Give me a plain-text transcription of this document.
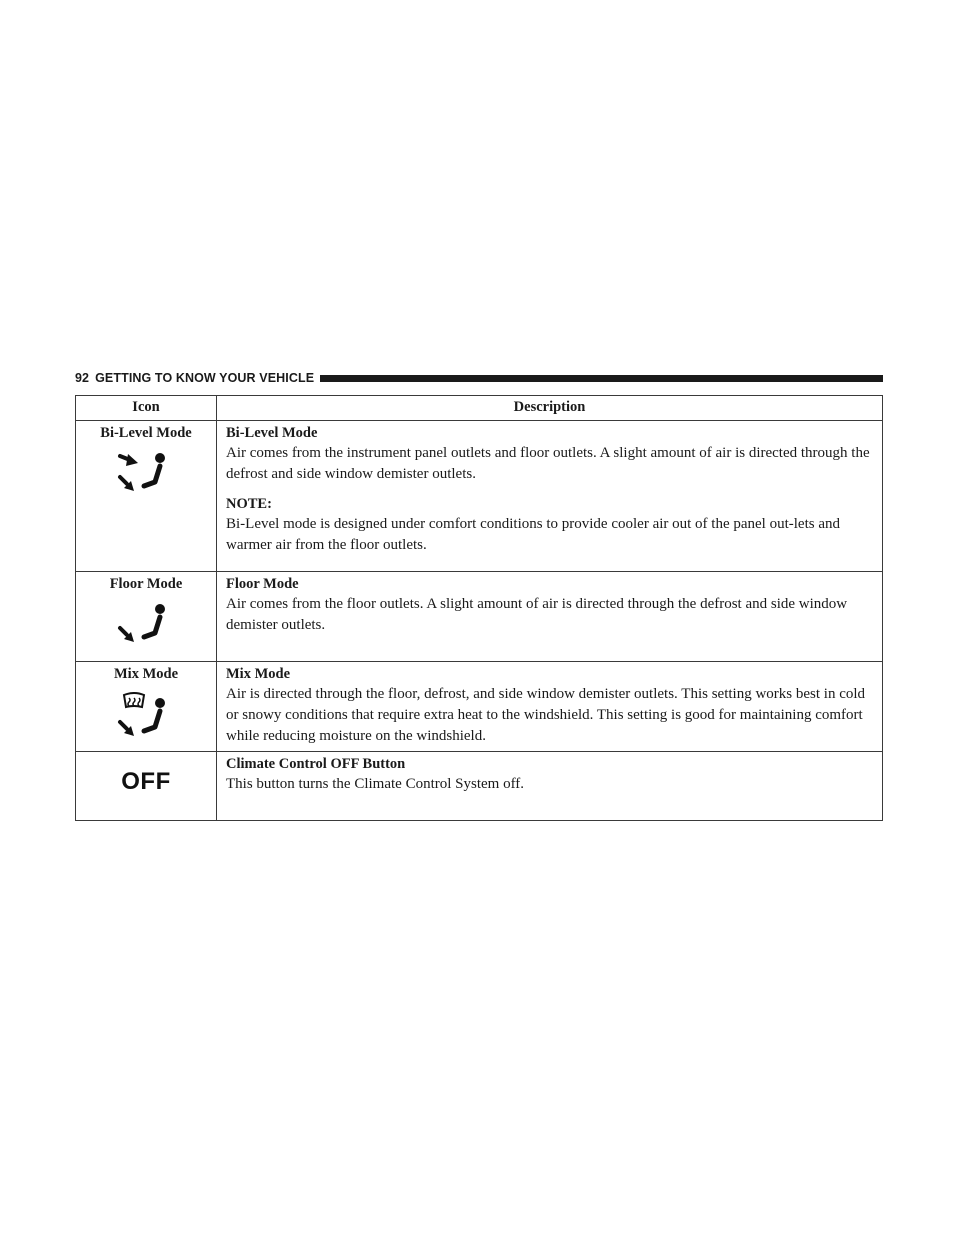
92 GETTING TO KNOW YOUR VEHICLE
Icon	Description

Bi-Level Mode	Bi-Level Mode

Air comes from the instrument panel outlets and floor outlets. A slight amount of air is directed through the defrost and side window demister outlets.

NOTE:

Bi-Level mode is designed under comfort conditions to provide cooler air out of the panel out-lets and warmer air from the floor outlets.

Floor Mode	Floor Mode

Air comes from the floor outlets. A slight amount of air is directed through the defrost and side window demister outlets.

Mix Mode	Mix Mode

Air is directed through the floor, defrost, and side window demister outlets. This setting works best in cold or snowy conditions that require extra heat to the windshield. This setting is good for maintaining comfort while reducing moisture on the windshield.

OFF	Climate Control OFF Button

This button turns the Climate Control System off.
